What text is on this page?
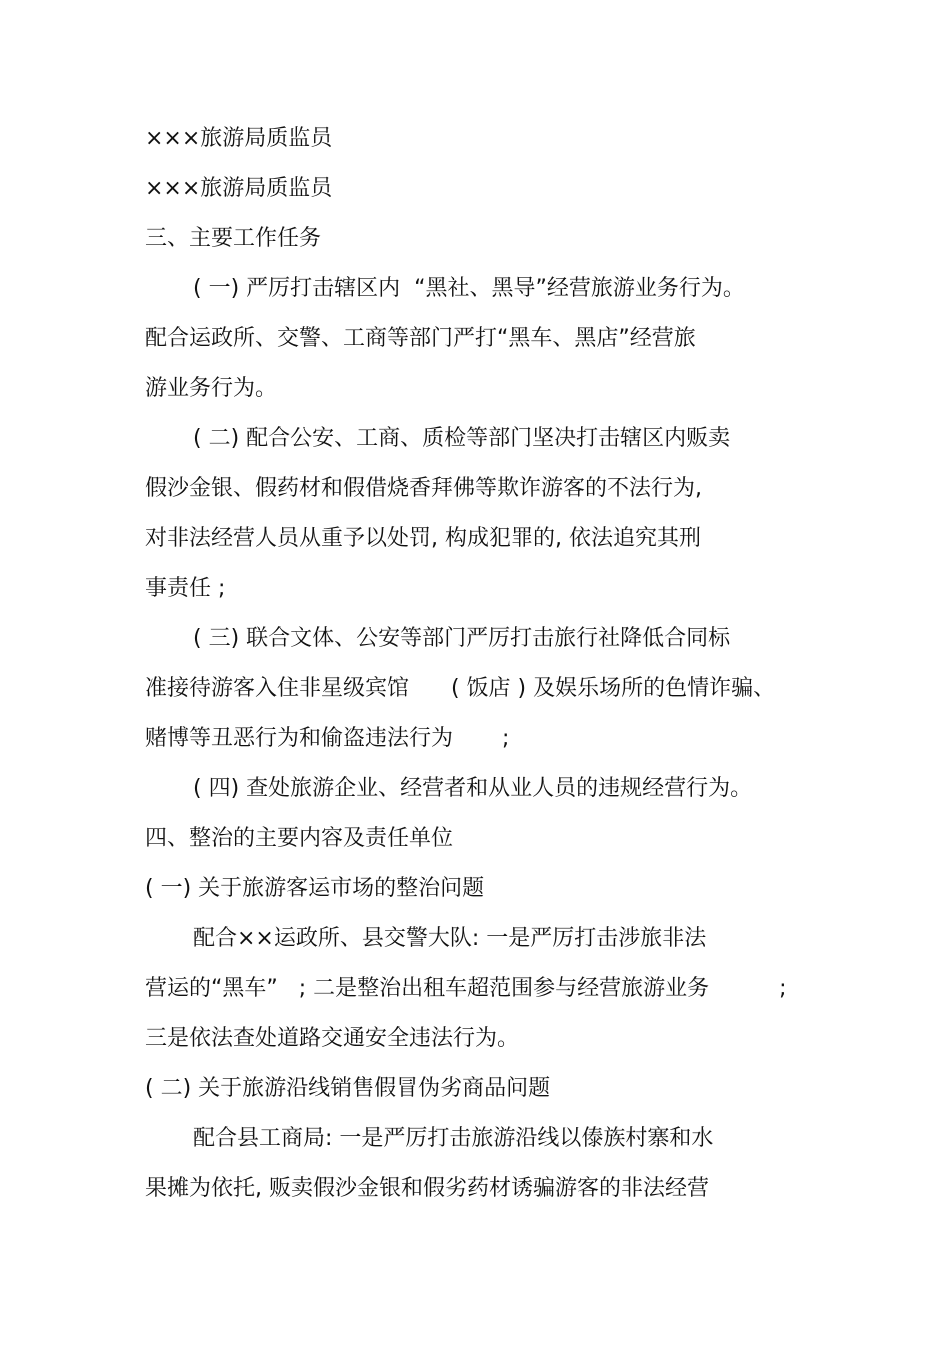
×××旅游局质监员
×××旅游局质监员
三、主要工作任务
( 一) 严厉打击辖区内  “黑社、黑导”经营旅游业务行为。
配合运政所、交警、工商等部门严打“黑车、黑店”经营旅
游业务行为。
( 二) 配合公安、工商、质检等部门坚决打击辖区内贩卖
假沙金银、假药材和假借烧香拜佛等欺诈游客的不法行为,
对非法经营人员从重予以处罚, 构成犯罪的, 依法追究其刑
事责任 ;
( 三) 联合文体、公安等部门严厉打击旅行社降低合同标
准接待游客入住非星级宾馆      ( 饭店 ) 及娱乐场所的色情诈骗、
赌博等丑恶行为和偷盗违法行为       ;
( 四) 查处旅游企业、经营者和从业人员的违规经营行为。
四、整治的主要内容及责任单位
( 一) 关于旅游客运市场的整治问题
配合××运政所、县交警大队: 一是严厉打击涉旅非法
营运的“黑车”   ; 二是整治出租车超范围参与经营旅游业务          ;
三是依法查处道路交通安全违法行为。
( 二) 关于旅游沿线销售假冒伪劣商品问题
配合县工商局: 一是严厉打击旅游沿线以傣族村寨和水
果摊为依托, 贩卖假沙金银和假劣药材诱骗游客的非法经营
